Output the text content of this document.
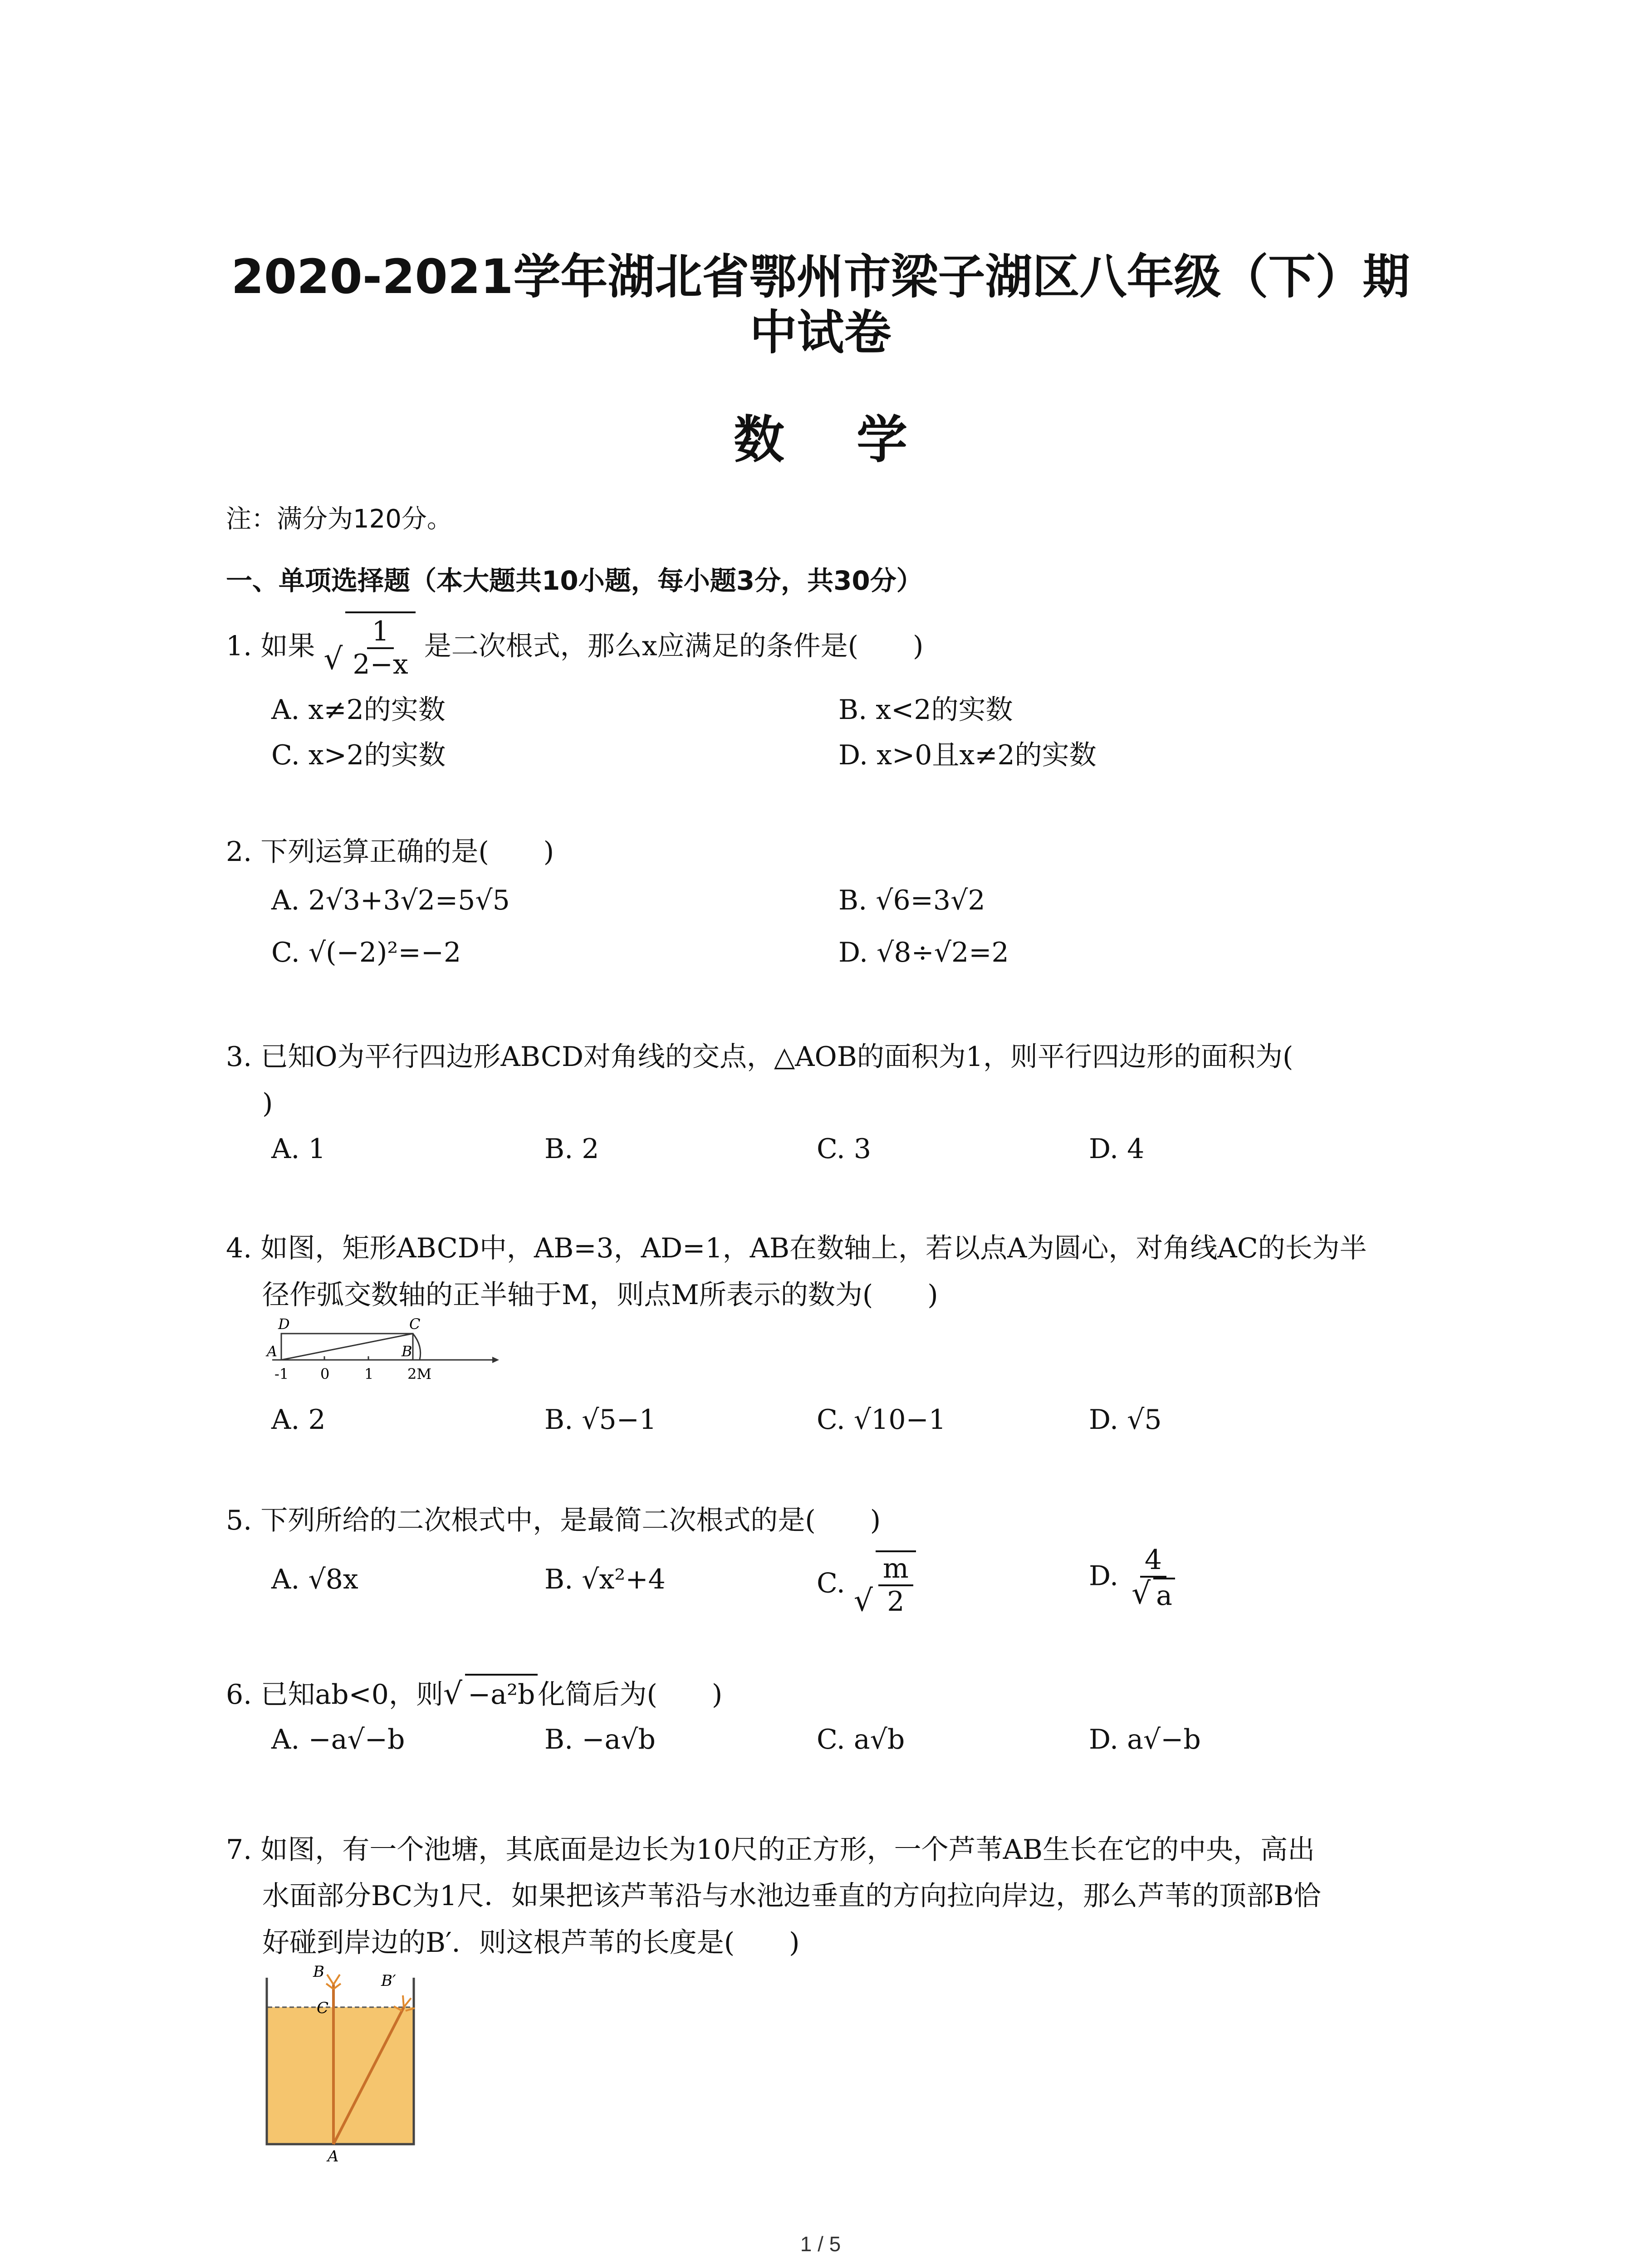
2020-2021学年湖北省鄂州市梁子湖区八年级（下）期
中试卷
数 学
注：满分为120分。
一、单项选择题（本大题共10小题，每小题3分，共30分）
1. 如果 √ $\frac{1}{2-x}$ 是二次根式，那么x应满足的条件是(　　)
A. x≠2的实数	B. x<2的实数
C. x>2的实数	D. x>0且x≠2的实数
2. 下列运算正确的是(　　)
A. 2√3+3√2=5√5	B. √6=3√2
C. √(−2)²=−2	D. √8÷√2=2
3. 已知O为平行四边形ABCD对角线的交点，△AOB的面积为1，则平行四边形的面积为(
)
A. 1	B. 2	C. 3	D. 4
4. 如图，矩形ABCD中，AB=3，AD=1，AB在数轴上，若以点A为圆心，对角线AC的长为半
径作弧交数轴的正半轴于M，则点M所表示的数为(　　)
D	C
A	B
-1 0 1 2M
A. 2	B. √5−1	C. √10−1	D. √5
5. 下列所给的二次根式中，是最简二次根式的是(　　)
A. √8x	B. √x²+4	C. √ $\frac{m}{2}$	D. $\frac{4}{√ a}$
6. 已知ab<0，则 √ −a²b 化简后为(　　)
A. −a√−b	B. −a√b	C. a√b	D. a√−b
7. 如图，有一个池塘，其底面是边长为10尺的正方形，一个芦苇AB生长在它的中央，高出
水面部分BC为1尺．如果把该芦苇沿与水池边垂直的方向拉向岸边，那么芦苇的顶部B恰
好碰到岸边的B′．则这根芦苇的长度是(　　)
B	B′
C
A
1 / 5
